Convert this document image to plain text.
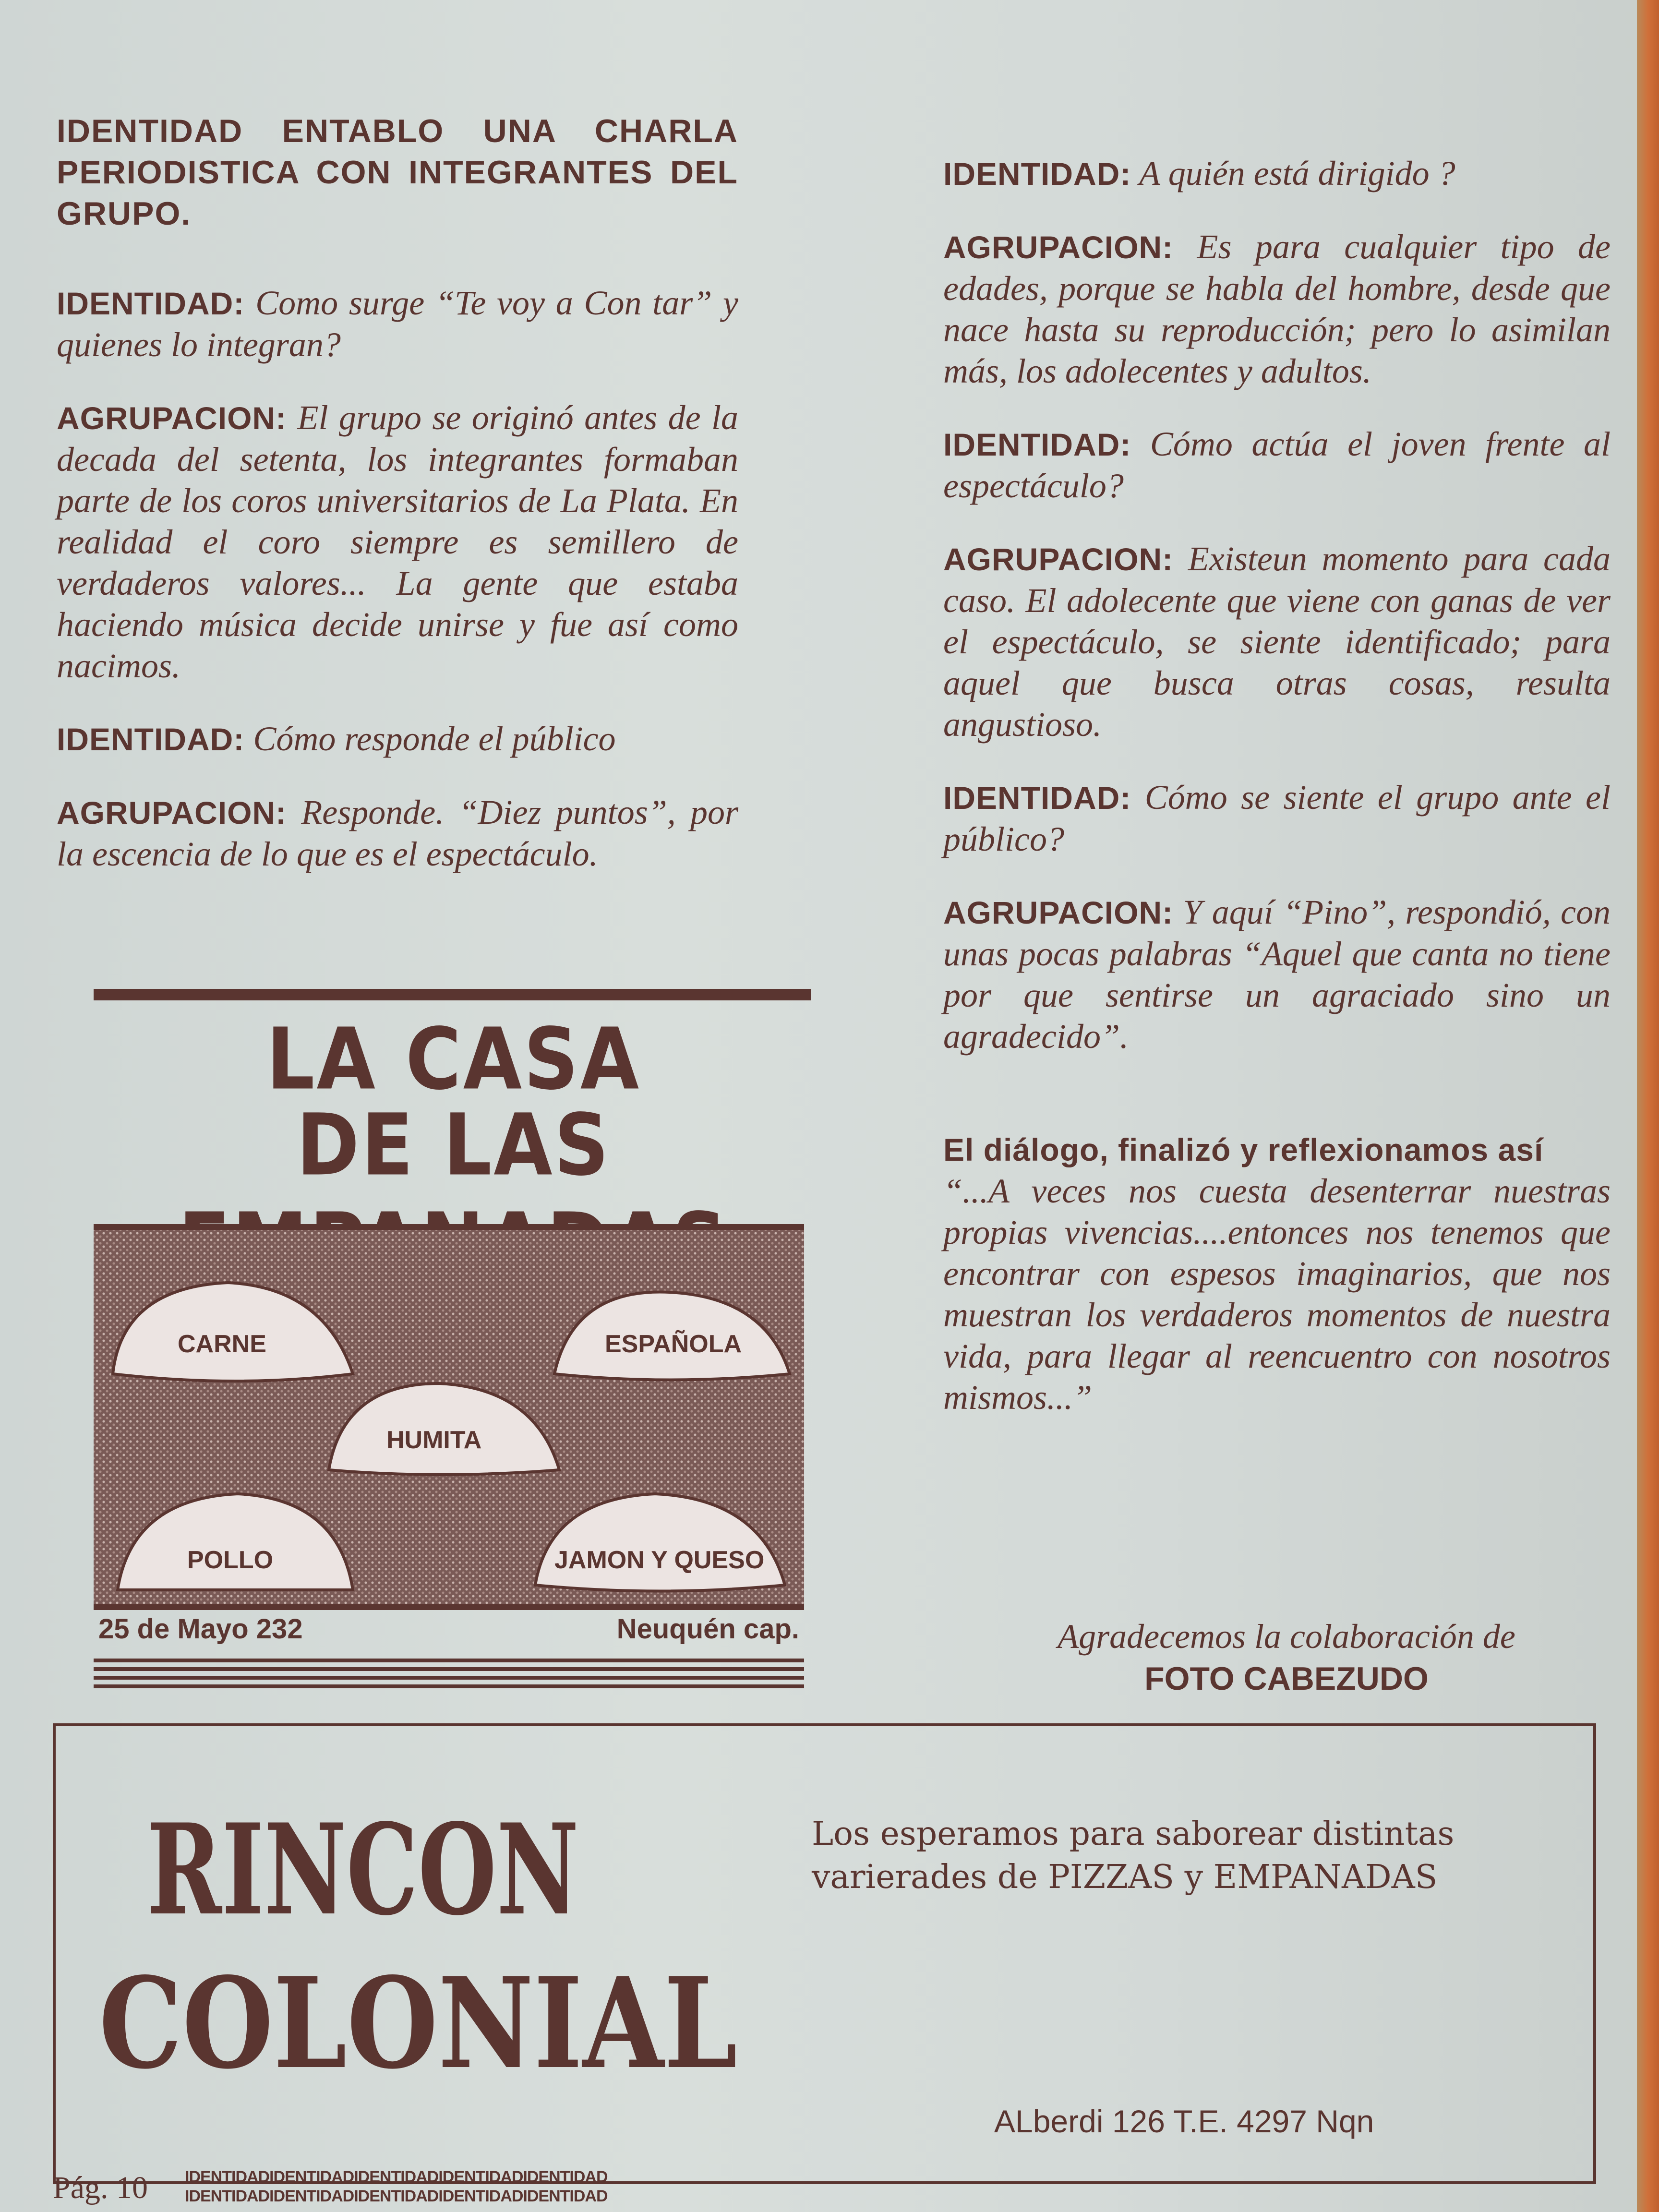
IDENTIDAD ENTABLO UNA CHARLA PERIODISTICA CON INTEGRANTES DEL GRUPO.

IDENTIDAD: Como surge “Te voy a Con tar” y quienes lo integran?

AGRUPACION: El grupo se originó antes de la decada del setenta, los integrantes formaban parte de los coros universitarios de La Plata. En realidad el coro siempre es semillero de verdaderos valores... La gente que estaba haciendo música decide unirse y fue así como nacimos.

IDENTIDAD: Cómo responde el público

AGRUPACION: Responde. “Diez puntos”, por la escencia de lo que es el espectáculo.

IDENTIDAD: A quién está dirigido ?

AGRUPACION: Es para cualquier tipo de edades, porque se habla del hombre, desde que nace hasta su reproducción; pero lo asimilan más, los adolecentes y adultos.

IDENTIDAD: Cómo actúa el joven frente al espectáculo?

AGRUPACION: Existeun momento para cada caso. El adolecente que viene con ganas de ver el espectáculo, se siente identificado; para aquel que busca otras cosas, resulta angustioso.

IDENTIDAD: Cómo se siente el grupo ante el público?

AGRUPACION: Y aquí “Pino”, respondió, con unas pocas palabras “Aquel que canta no tiene por que sentirse un agraciado sino un agradecido”.

El diálogo, finalizó y reflexionamos así
“...A veces nos cuesta desenterrar nuestras propias vivencias....entonces nos tenemos que encontrar con espesos imaginarios, que nos muestran los verdaderos momentos de nuestra vida, para llegar al reencuentro con nosotros mismos...”

Agradecemos la colaboración de
FOTO CABEZUDO
LA CASA
DE LAS
CARNE	ESPAÑOLA
HUMITA
POLLO	JAMON Y QUESO
25 de Mayo 232	Neuquén cap.
RINCON
COLONIAL
Los esperamos para saborear distintas
varierades de PIZZAS y EMPANADAS
ALberdi 126 T.E. 4297 Nqn
Pág. 10 IDENTIDADIDENTIDADIDENTIDADIDENTIDADIDENTIDAD
IDENTIDADIDENTIDADIDENTIDADIDENTIDADIDENTIDAD
